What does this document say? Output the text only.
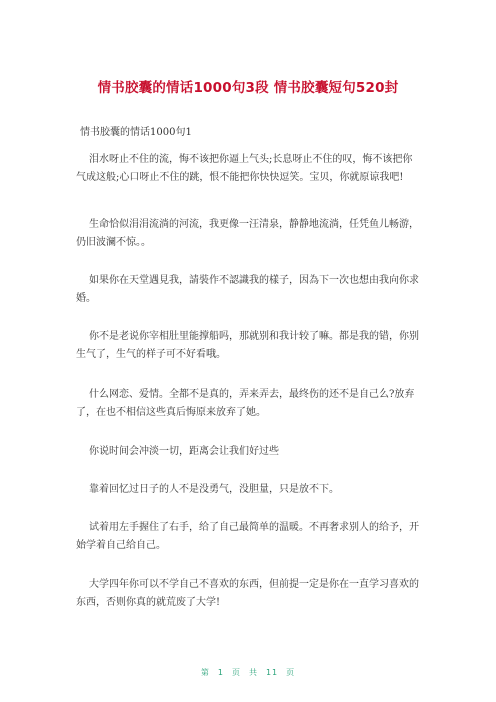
情书胶囊的情话1000句3段 情书胶囊短句520封
情书胶囊的情话1000句1

泪水呀止不住的流，悔不该把你逼上气头;长息呀止不住的叹，悔不该把你气成这般;心口呀止不住的跳，恨不能把你快快逗笑。宝贝，你就原谅我吧!

生命恰似涓涓流淌的河流，我更像一汪清泉，静静地流淌，任凭鱼儿畅游，仍旧波澜不惊。。

如果你在天堂遇見我，請裝作不認識我的樣子，因為下一次也想由我向你求婚。

你不是老说你宰相肚里能撑船吗，那就别和我计较了嘛。都是我的错，你别生气了，生气的样子可不好看哦。

什么网恋、爱情。全都不是真的，弄来弄去，最终伤的还不是自己么?放弃了，在也不相信这些真后悔原来放弃了她。

你说时间会冲淡一切，距离会让我们好过些

靠着回忆过日子的人不是没勇气，没胆量，只是放不下。

试着用左手握住了右手，给了自己最简单的温暖。不再奢求别人的给予，开始学着自己给自己。

大学四年你可以不学自己不喜欢的东西，但前提一定是你在一直学习喜欢的东西，否则你真的就荒废了大学!

第 1 页 共 11 页
